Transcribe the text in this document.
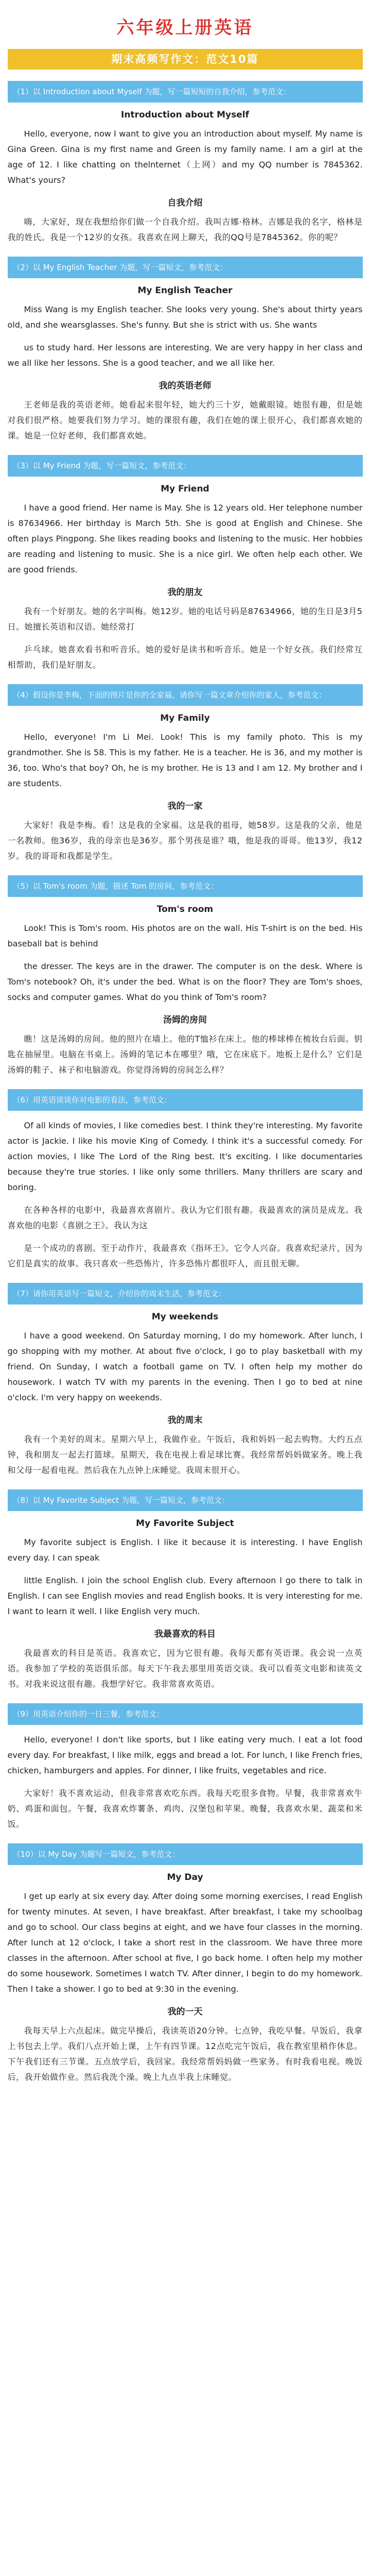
六年级上册英语
期末高频写作文：范文10篇
（1）以 Introduction about Myself 为题，写一篇短短的自我介绍，参考范文：
Introduction about Myself

Hello, everyone, now I want to give you an introduction about myself. My name is Gina Green. Gina is my first name and Green is my family name. I am a girl at the age of 12. I like chatting on thelnternet（上网）and my QQ number is 7845362. What's yours?

自我介绍

嗨，大家好，现在我想给你们做一个自我介绍。我叫吉娜·格林。吉娜是我的名字，格林是我的姓氏。我是一个12岁的女孩。我喜欢在网上聊天，我的QQ号是7845362。你的呢？

（2）以 My English Teacher 为题，写一篇短文，参考范文：
My English Teacher

Miss Wang is my English teacher. She looks very young. She's about thirty years old, and she wearsglasses. She's funny. But she is strict with us. She wants

us to study hard. Her lessons are interesting. We are very happy in her class and we all like her lessons. She is a good teacher, and we all like her.

我的英语老师

王老师是我的英语老师。她看起来很年轻，她大约三十岁，她戴眼镜。她很有趣，但是她对我们很严格。她要我们努力学习。她的课很有趣，我们在她的课上很开心，我们都喜欢她的课。她是一位好老师，我们都喜欢她。

（3）以 My Friend 为题，写一篇短文，参考范文：
My Friend

I have a good friend. Her name is May. She is 12 years old. Her telephone number is 87634966. Her birthday is March 5th. She is good at English and Chinese. She often plays Pingpong. She likes reading books and listening to the music. Her hobbies are reading and listening to music. She is a nice girl. We often help each other. We are good friends.

我的朋友

我有一个好朋友。她的名字叫梅。她12岁。她的电话号码是87634966，她的生日是3月5日。她擅长英语和汉语。她经常打

乒乓球。她喜欢看书和听音乐。她的爱好是读书和听音乐。她是一个好女孩。我们经常互相帮助，我们是好朋友。

（4）假设你是李梅，下面的图片是你的全家福，请你写一篇文章介绍你的家人，参考范文：
My Family

Hello, everyone! I'm Li Mei. Look! This is my family photo. This is my grandmother. She is 58. This is my father. He is a teacher. He is 36, and my mother is 36, too. Who's that boy? Oh, he is my brother. He is 13 and I am 12. My brother and I are students.

我的一家

大家好！我是李梅。看！这是我的全家福。这是我的祖母，她58岁。这是我的父亲，他是一名教师。他36岁，我的母亲也是36岁。那个男孩是谁？哦，他是我的哥哥。他13岁，我12岁。我的哥哥和我都是学生。

（5）以 Tom's room 为题，描述 Tom 的房间，参考范文：
Tom's room

Look! This is Tom's room. His photos are on the wall. His T-shirt is on the bed. His baseball bat is behind

the dresser. The keys are in the drawer. The computer is on the desk. Where is Tom's notebook? Oh, it's under the bed. What is on the floor? They are Tom's shoes, socks and computer games. What do you think of Tom's room?

汤姆的房间

瞧！这是汤姆的房间。他的照片在墙上。他的T恤衫在床上。他的棒球棒在梳妆台后面。钥匙在抽屉里。电脑在书桌上。汤姆的笔记本在哪里？哦，它在床底下。地板上是什么？它们是汤姆的鞋子、袜子和电脑游戏。你觉得汤姆的房间怎么样？

（6）用英语谈谈你对电影的看法，参考范文：

Of all kinds of movies, I like comedies best. I think they're interesting. My favorite actor is Jackie. I like his movie King of Comedy. I think it's a successful comedy. For action movies, I like The Lord of the Ring best. It's exciting. I like documentaries because they're true stories. I like only some thrillers. Many thrillers are scary and boring.

在各种各样的电影中，我最喜欢喜剧片。我认为它们很有趣。我最喜欢的演员是成龙。我喜欢他的电影《喜剧之王》。我认为这

是一个成功的喜剧。至于动作片，我最喜欢《指环王》。它令人兴奋。我喜欢纪录片，因为它们是真实的故事。我只喜欢一些恐怖片，许多恐怖片都很吓人，而且很无聊。

（7）请你用英语写一篇短文，介绍你的周末生活，参考范文：
My weekends

I have a good weekend. On Saturday morning, I do my homework. After lunch, I go shopping with my mother. At about five o'clock, I go to play basketball with my friend. On Sunday, I watch a football game on TV. I often help my mother do housework. I watch TV with my parents in the evening. Then I go to bed at nine o'clock. I'm very happy on weekends.

我的周末

我有一个美好的周末。星期六早上，我做作业。午饭后，我和妈妈一起去购物。大约五点钟，我和朋友一起去打篮球。星期天，我在电视上看足球比赛。我经常帮妈妈做家务。晚上我和父母一起看电视。然后我在九点钟上床睡觉。我周末很开心。

（8）以 My Favorite Subject 为题，写一篇短文，参考范文：
My Favorite Subject

My favorite subject is English. I like it because it is interesting. I have English every day. I can speak

little English. I join the school English club. Every afternoon I go there to talk in English. I can see English movies and read English books. It is very interesting for me. I want to learn it well. I like English very much.

我最喜欢的科目

我最喜欢的科目是英语。我喜欢它，因为它很有趣。我每天都有英语课。我会说一点英语。我参加了学校的英语俱乐部。每天下午我去那里用英语交谈。我可以看英文电影和读英文书。对我来说这很有趣。我想学好它。我非常喜欢英语。

（9）用英语介绍你的一日三餐，参考范文：

Hello, everyone! I don't like sports, but I like eating very much. I eat a lot food every day. For breakfast, I like milk, eggs and bread a lot. For lunch, I like French fries, chicken, hamburgers and apples. For dinner, I like fruits, vegetables and rice.

大家好！我不喜欢运动，但我非常喜欢吃东西。我每天吃很多食物。早餐，我非常喜欢牛奶、鸡蛋和面包。午餐，我喜欢炸薯条、鸡肉、汉堡包和苹果。晚餐，我喜欢水果、蔬菜和米饭。

（10）以 My Day 为题写一篇短文，参考范文：
My Day

I get up early at six every day. After doing some morning exercises, I read English for twenty minutes. At seven, I have breakfast. After breakfast, I take my schoolbag and go to school. Our class begins at eight, and we have four classes in the morning. After lunch at 12 o'clock, I take a short rest in the classroom. We have three more classes in the afternoon. After school at five, I go back home. I often help my mother do some housework. Sometimes I watch TV. After dinner, I begin to do my homework. Then I take a shower. I go to bed at 9:30 in the evening.

我的一天

我每天早上六点起床。做完早操后，我读英语20分钟。七点钟，我吃早餐。早饭后，我拿上书包去上学。我们八点开始上课，上午有四节课。12点吃完午饭后，我在教室里稍作休息。下午我们还有三节课。五点放学后，我回家。我经常帮妈妈做一些家务。有时我看电视。晚饭后，我开始做作业。然后我洗个澡。晚上九点半我上床睡觉。
